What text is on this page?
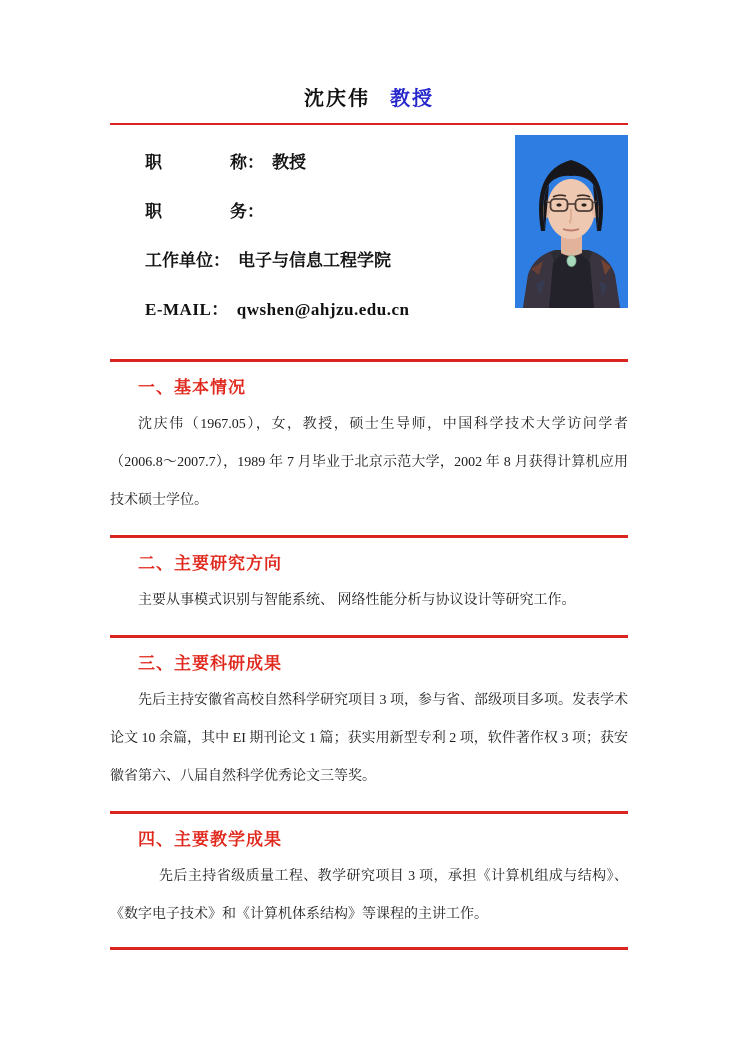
沈庆伟 教授
职　　　　称： 教授
职　　　　务：
工作单位： 电子与信息工程学院
E-MAIL： qwshen@ahjzu.edu.cn
一、基本情况

沈庆伟（1967.05），女，教授，硕士生导师，中国科学技术大学访问学者（2006.8～2007.7），1989 年 7 月毕业于北京示范大学，2002 年 8 月获得计算机应用技术硕士学位。

二、主要研究方向

主要从事模式识别与智能系统、 网络性能分析与协议设计等研究工作。

三、主要科研成果

先后主持安徽省高校自然科学研究项目 3 项，参与省、部级项目多项。发表学术论文 10 余篇，其中 EI 期刊论文 1 篇；获实用新型专利 2 项，软件著作权 3 项；获安徽省第六、八届自然科学优秀论文三等奖。

四、主要教学成果

先后主持省级质量工程、教学研究项目 3 项，承担《计算机组成与结构》、《数字电子技术》和《计算机体系结构》等课程的主讲工作。
